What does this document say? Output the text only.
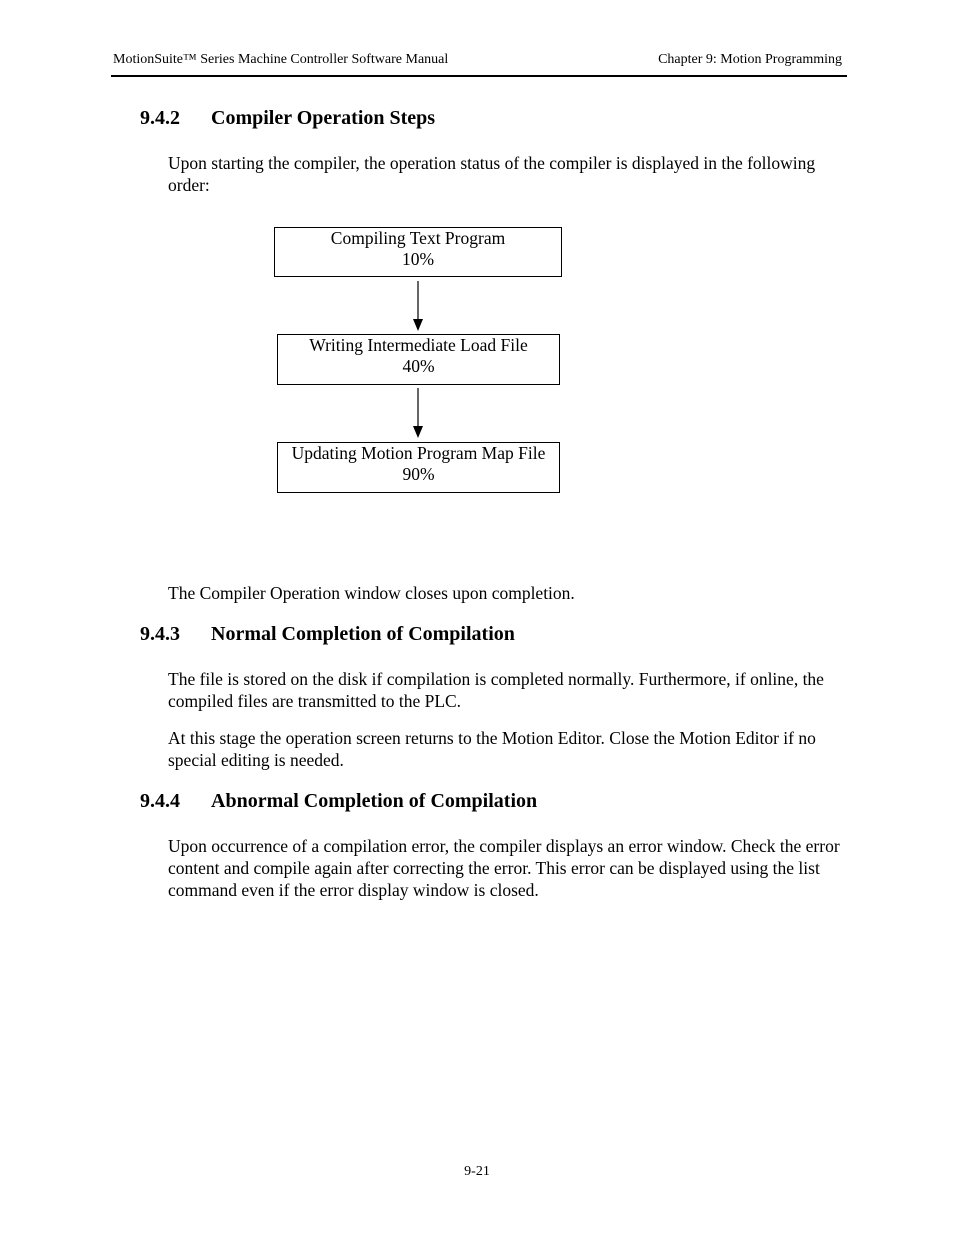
MotionSuite™ Series Machine Controller Software Manual	Chapter 9: Motion Programming
9.4.2 Compiler Operation Steps
Upon starting the compiler, the operation status of the compiler is displayed in the following order:
Compiling Text Program
10%
Writing Intermediate Load File
40%
Updating Motion Program Map File
90%
The Compiler Operation window closes upon completion.
9.4.3 Normal Completion of Compilation
The file is stored on the disk if compilation is completed normally. Furthermore, if online, the compiled files are transmitted to the PLC.
At this stage the operation screen returns to the Motion Editor. Close the Motion Editor if no special editing is needed.
9.4.4 Abnormal Completion of Compilation
Upon occurrence of a compilation error, the compiler displays an error window. Check the error content and compile again after correcting the error. This error can be displayed using the list command even if the error display window is closed.
9-21
